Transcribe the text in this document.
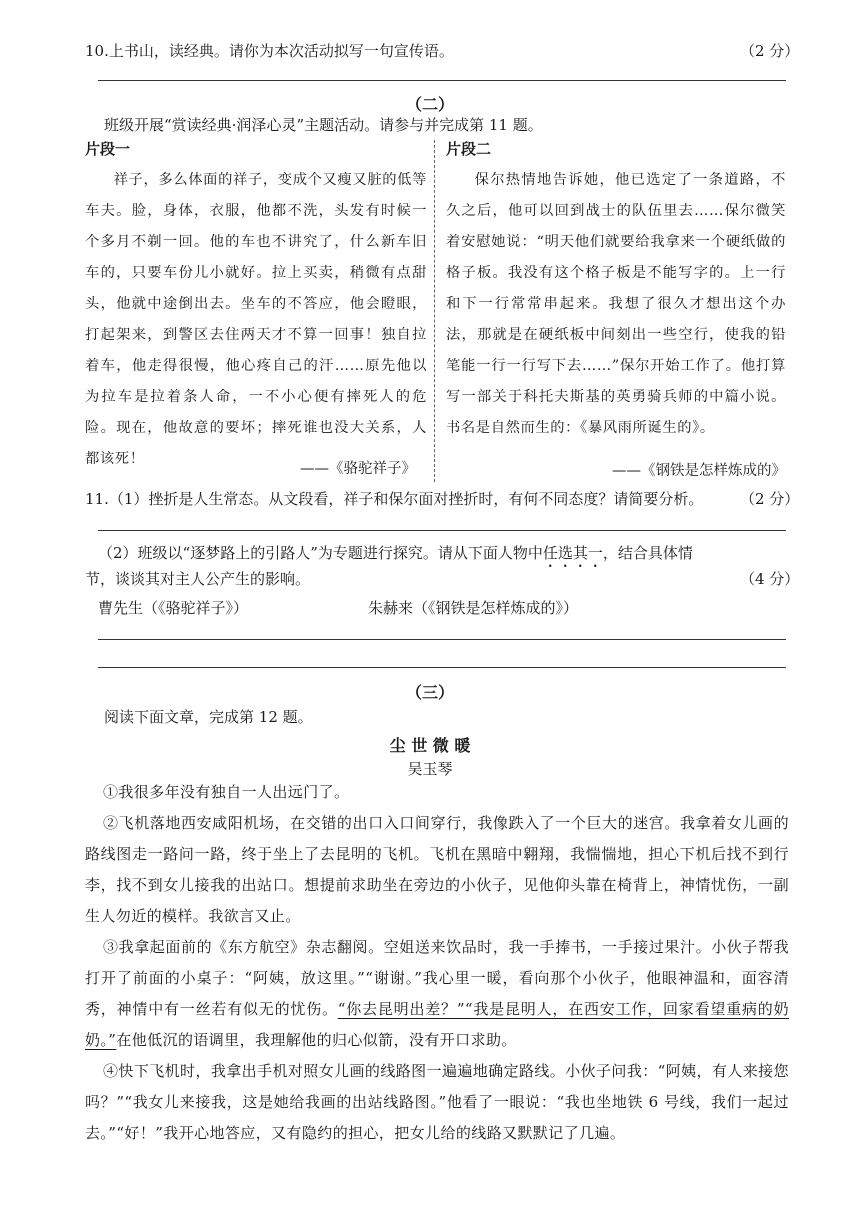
10.上书山，读经典。请你为本次活动拟写一句宣传语。	（2 分）
（二）
班级开展“赏读经典·润泽心灵”主题活动。请参与并完成第 11 题。
片段一	片段二
祥子，多么体面的祥子，变成个又瘦又脏的低等车夫。脸，身体，衣服，他都不洗，头发有时候一个多月不剃一回。他的车也不讲究了，什么新车旧车的，只要车份儿小就好。拉上买卖，稍微有点甜头，他就中途倒出去。坐车的不答应，他会瞪眼，打起架来，到警区去住两天才不算一回事！独自拉着车，他走得很慢，他心疼自己的汗……原先他以为拉车是拉着条人命，一不小心便有摔死人的危险。现在，他故意的要坏；摔死谁也没大关系，人都该死！
保尔热情地告诉她，他已选定了一条道路，不久之后，他可以回到战士的队伍里去……保尔微笑着安慰她说：“明天他们就要给我拿来一个硬纸做的格子板。我没有这个格子板是不能写字的。上一行和下一行常常串起来。我想了很久才想出这个办法，那就是在硬纸板中间刻出一些空行，使我的铅笔能一行一行写下去……”保尔开始工作了。他打算写一部关于科托夫斯基的英勇骑兵师的中篇小说。书名是自然而生的：《暴风雨所诞生的》。
——《骆驼祥子》	——《钢铁是怎样炼成的》
11.（1）挫折是人生常态。从文段看，祥子和保尔面对挫折时，有何不同态度？请简要分析。 （2 分）
（2）班级以“逐梦路上的引路人”为专题进行探究。请从下面人物中任选其一，结合具体情
节，谈谈其对主人公产生的影响。	（4 分）
曹先生（《骆驼祥子》）	朱赫来（《钢铁是怎样炼成的》）
（三）
阅读下面文章，完成第 12 题。
尘 世 微 暖
吴玉琴
①我很多年没有独自一人出远门了。
②飞机落地西安咸阳机场，在交错的出口入口间穿行，我像跌入了一个巨大的迷宫。我拿着女儿画的路线图走一路问一路，终于坐上了去昆明的飞机。飞机在黑暗中翱翔，我惴惴地，担心下机后找不到行李，找不到女儿接我的出站口。想提前求助坐在旁边的小伙子，见他仰头靠在椅背上，神情忧伤，一副生人勿近的模样。我欲言又止。
③我拿起面前的《东方航空》杂志翻阅。空姐送来饮品时，我一手捧书，一手接过果汁。小伙子帮我打开了前面的小桌子：“阿姨，放这里。”“谢谢。”我心里一暖，看向那个小伙子，他眼神温和，面容清秀，神情中有一丝若有似无的忧伤。“你去昆明出差？”“我是昆明人，在西安工作，回家看望重病的奶奶。”在他低沉的语调里，我理解他的归心似箭，没有开口求助。
④快下飞机时，我拿出手机对照女儿画的线路图一遍遍地确定路线。小伙子问我：“阿姨，有人来接您吗？”“我女儿来接我，这是她给我画的出站线路图。”他看了一眼说：“我也坐地铁 6 号线，我们一起过去。”“好！”我开心地答应，又有隐约的担心，把女儿给的线路又默默记了几遍。
